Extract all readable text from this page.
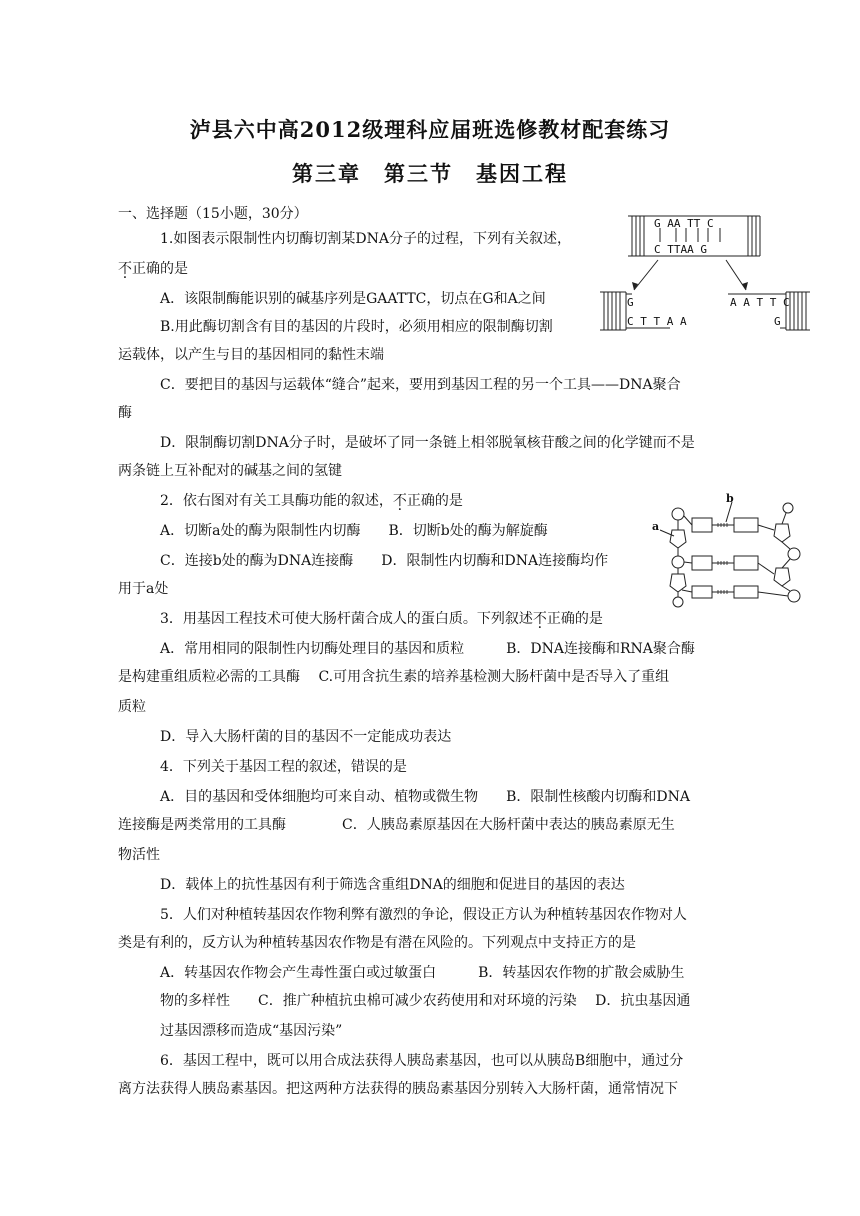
泸县六中高2012级理科应届班选修教材配套练习
第三章　第三节　基因工程
一、选择题（15小题，30分）
1.如图表示限制性内切酶切割某DNA分子的过程，下列有关叙述，
不正确的是
A．该限制酶能识别的碱基序列是GAATTC，切点在G和A之间
B.用此酶切割含有目的基因的片段时，必须用相应的限制酶切割
运载体，以产生与目的基因相同的黏性末端
C．要把目的基因与运载体“缝合”起来，要用到基因工程的另一个工具——DNA聚合
酶
D．限制酶切割DNA分子时，是破坏了同一条链上相邻脱氧核苷酸之间的化学键而不是
两条链上互补配对的碱基之间的氢键
2．依右图对有关工具酶功能的叙述，不正确的是
A．切断a处的酶为限制性内切酶　　B．切断b处的酶为解旋酶
C．连接b处的酶为DNA连接酶　　D．限制性内切酶和DNA连接酶均作
用于a处
3．用基因工程技术可使大肠杆菌合成人的蛋白质。下列叙述不正确的是
A．常用相同的限制性内切酶处理目的基因和质粒　　　B．DNA连接酶和RNA聚合酶
是构建重组质粒必需的工具酶　 C.可用含抗生素的培养基检测大肠杆菌中是否导入了重组
质粒
D．导入大肠杆菌的目的基因不一定能成功表达
4．下列关于基因工程的叙述，错误的是
A．目的基因和受体细胞均可来自动、植物或微生物　　B．限制性核酸内切酶和DNA
连接酶是两类常用的工具酶　　　　C．人胰岛素原基因在大肠杆菌中表达的胰岛素原无生
物活性
D．载体上的抗性基因有利于筛选含重组DNA的细胞和促进目的基因的表达
5．人们对种植转基因农作物利弊有激烈的争论，假设正方认为种植转基因农作物对人
类是有利的，反方认为种植转基因农作物是有潜在风险的。下列观点中支持正方的是
A．转基因农作物会产生毒性蛋白或过敏蛋白　　　B．转基因农作物的扩散会威胁生
物的多样性　　C．推广种植抗虫棉可减少农药使用和对环境的污染　 D．抗虫基因通
过基因漂移而造成“基因污染”
6．基因工程中，既可以用合成法获得人胰岛素基因，也可以从胰岛B细胞中，通过分
离方法获得人胰岛素基因。把这两种方法获得的胰岛素基因分别转入大肠杆菌，通常情况下
G AA TT C
C TTAA G
G
C T T A A
A A T T C
G
a
b
